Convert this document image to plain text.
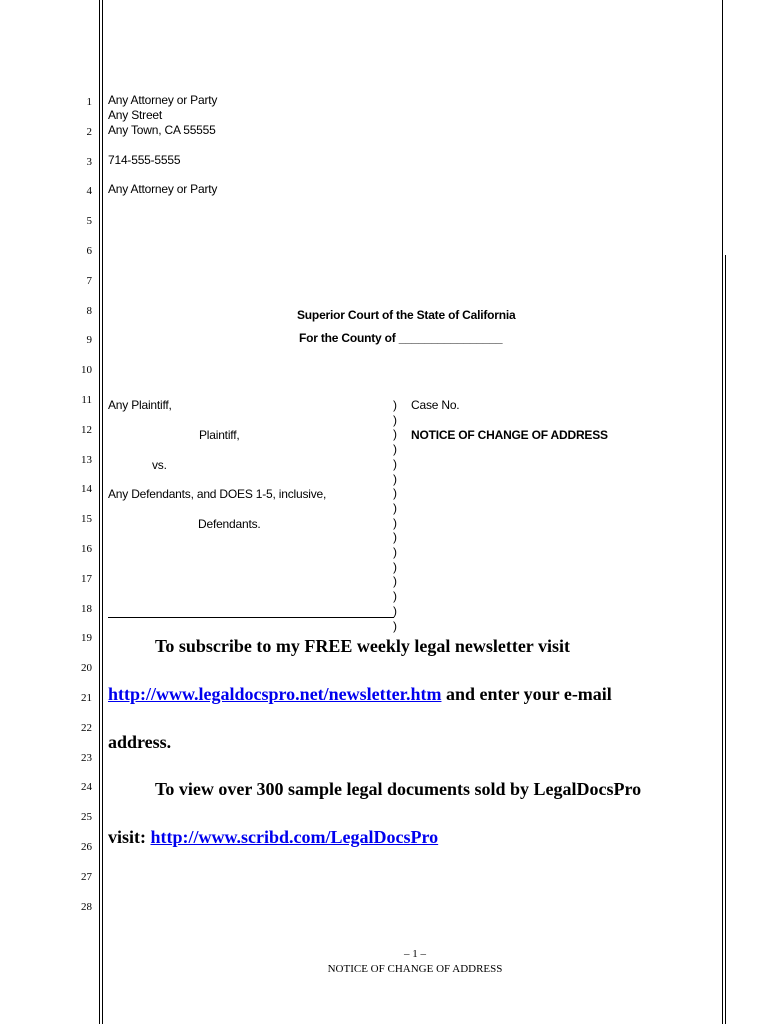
1
2
3
4
5
6
7
8
9
10
11
12
13
14
15
16
17
18
19
20
21
22
23
24
25
26
27
28
Any Attorney or Party
Any Street
Any Town, CA 55555
714-555-5555
Any Attorney or Party
Superior Court of the State of California
For the County of ________________
Any Plaintiff,
Plaintiff,
vs.
Any Defendants, and DOES 1-5, inclusive,
Defendants.
)
)
)
)
)
)
)
)
)
)
)
)
)
)
)
)
Case No.
NOTICE OF CHANGE OF ADDRESS
To subscribe to my FREE weekly legal newsletter visit
http://www.legaldocspro.net/newsletter.htm and enter your e-mail
address.
To view over 300 sample legal documents sold by LegalDocsPro
visit: http://www.scribd.com/LegalDocsPro
– 1 –
NOTICE OF CHANGE OF ADDRESS
